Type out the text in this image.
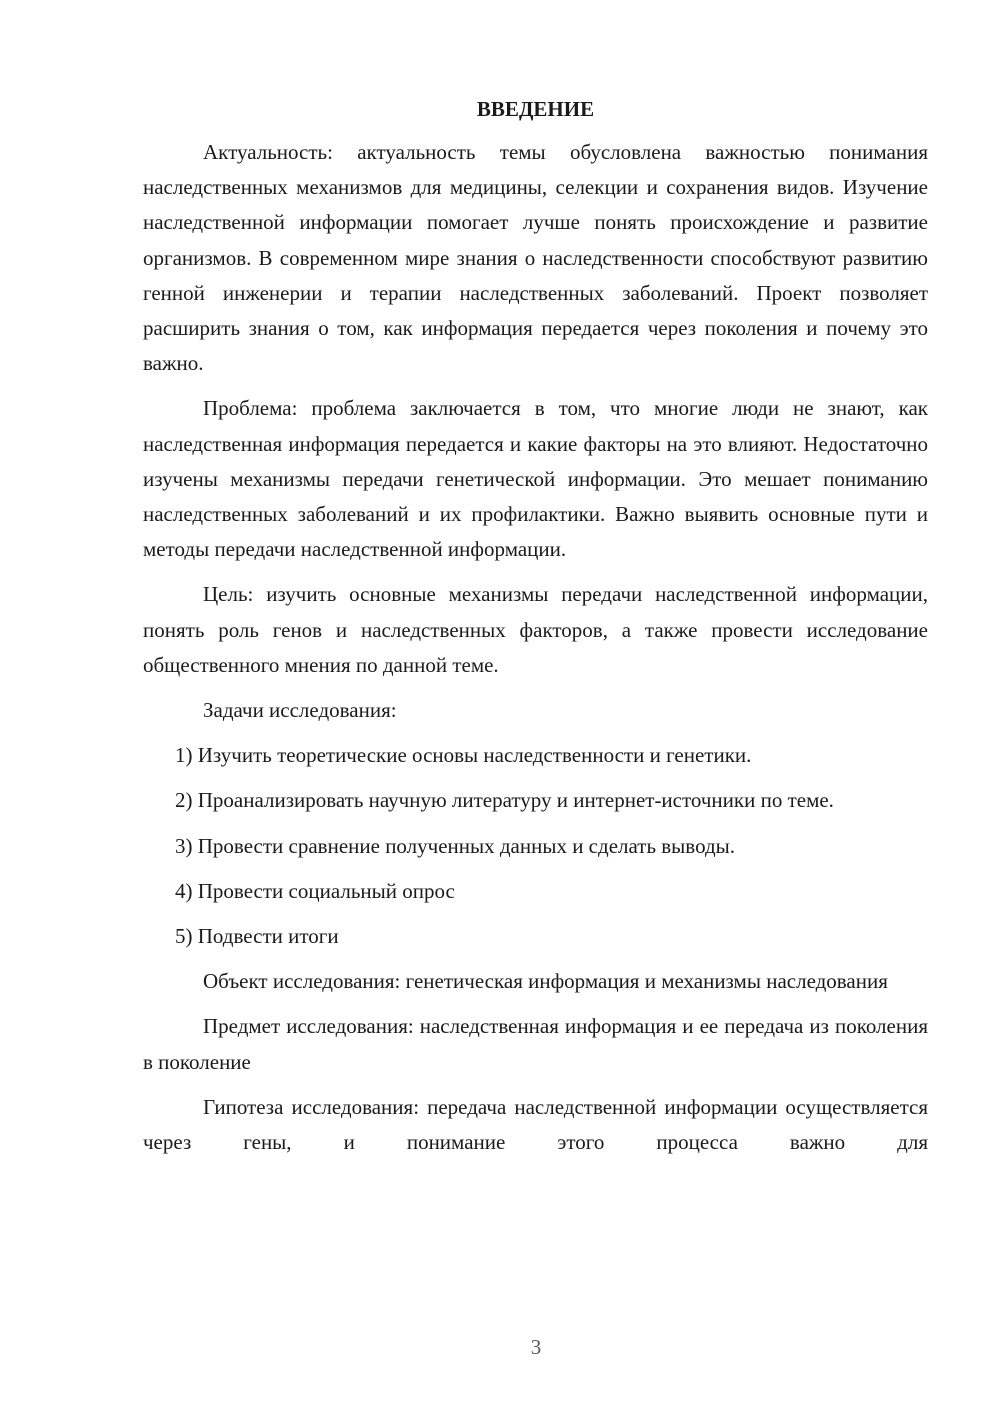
ВВЕДЕНИЕ

Актуальность: актуальность темы обусловлена важностью понимания наследственных механизмов для медицины, селекции и сохранения видов. Изучение наследственной информации помогает лучше понять происхождение и развитие организмов. В современном мире знания о наследственности способствуют развитию генной инженерии и терапии наследственных заболеваний. Проект позволяет расширить знания о том, как информация передается через поколения и почему это важно.

Проблема: проблема заключается в том, что многие люди не знают, как наследственная информация передается и какие факторы на это влияют. Недостаточно изучены механизмы передачи генетической информации. Это мешает пониманию наследственных заболеваний и их профилактики. Важно выявить основные пути и методы передачи наследственной информации.

Цель: изучить основные механизмы передачи наследственной информации, понять роль генов и наследственных факторов, а также провести исследование общественного мнения по данной теме.

Задачи исследования:

1) Изучить теоретические основы наследственности и генетики.

2) Проанализировать научную литературу и интернет-источники по теме.

3) Провести сравнение полученных данных и сделать выводы.

4) Провести социальный опрос

5) Подвести итоги

Объект исследования: генетическая информация и механизмы наследования

Предмет исследования: наследственная информация и ее передача из поколения в поколение

Гипотеза исследования: передача наследственной информации осуществляется через гены, и понимание этого процесса важно для

3
